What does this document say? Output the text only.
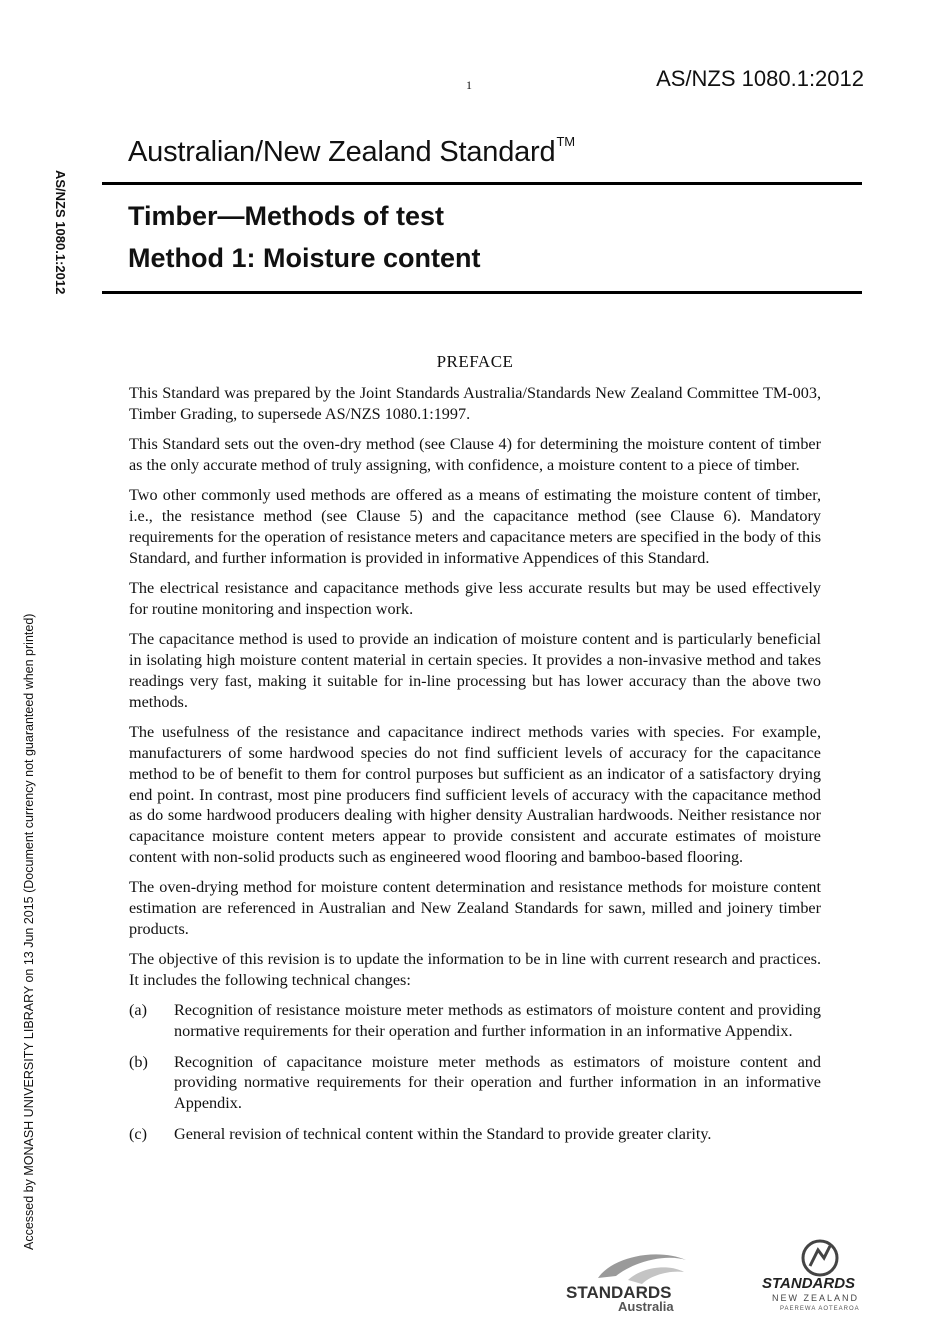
1	AS/NZS 1080.1:2012
Australian/New Zealand Standard™
Timber—Methods of test
Method 1: Moisture content
AS/NZS 1080.1:2012
Accessed by MONASH UNIVERSITY LIBRARY on 13 Jun 2015 (Document currency not guaranteed when printed)
PREFACE

This Standard was prepared by the Joint Standards Australia/Standards New Zealand Committee TM-003, Timber Grading, to supersede AS/NZS 1080.1:1997.

This Standard sets out the oven-dry method (see Clause 4) for determining the moisture content of timber as the only accurate method of truly assigning, with confidence, a moisture content to a piece of timber.

Two other commonly used methods are offered as a means of estimating the moisture content of timber, i.e., the resistance method (see Clause 5) and the capacitance method (see Clause 6). Mandatory requirements for the operation of resistance meters and capacitance meters are specified in the body of this Standard, and further information is provided in informative Appendices of this Standard.

The electrical resistance and capacitance methods give less accurate results but may be used effectively for routine monitoring and inspection work.

The capacitance method is used to provide an indication of moisture content and is particularly beneficial in isolating high moisture content material in certain species. It provides a non-invasive method and takes readings very fast, making it suitable for in-line processing but has lower accuracy than the above two methods.

The usefulness of the resistance and capacitance indirect methods varies with species. For example, manufacturers of some hardwood species do not find sufficient levels of accuracy for the capacitance method to be of benefit to them for control purposes but sufficient as an indicator of a satisfactory drying end point. In contrast, most pine producers find sufficient levels of accuracy with the capacitance method as do some hardwood producers dealing with higher density Australian hardwoods. Neither resistance nor capacitance moisture content meters appear to provide consistent and accurate estimates of moisture content with non-solid products such as engineered wood flooring and bamboo-based flooring.

The oven-drying method for moisture content determination and resistance methods for moisture content estimation are referenced in Australian and New Zealand Standards for sawn, milled and joinery timber products.

The objective of this revision is to update the information to be in line with current research and practices. It includes the following technical changes:

(a)	Recognition of resistance moisture meter methods as estimators of moisture content and providing normative requirements for their operation and further information in an informative Appendix.
(b)	Recognition of capacitance moisture meter methods as estimators of moisture content and providing normative requirements for their operation and further information in an informative Appendix.
(c)	General revision of technical content within the Standard to provide greater clarity.
STANDARDS
Australia
STANDARDS
NEW ZEALAND
PAEREWA AOTEAROA
